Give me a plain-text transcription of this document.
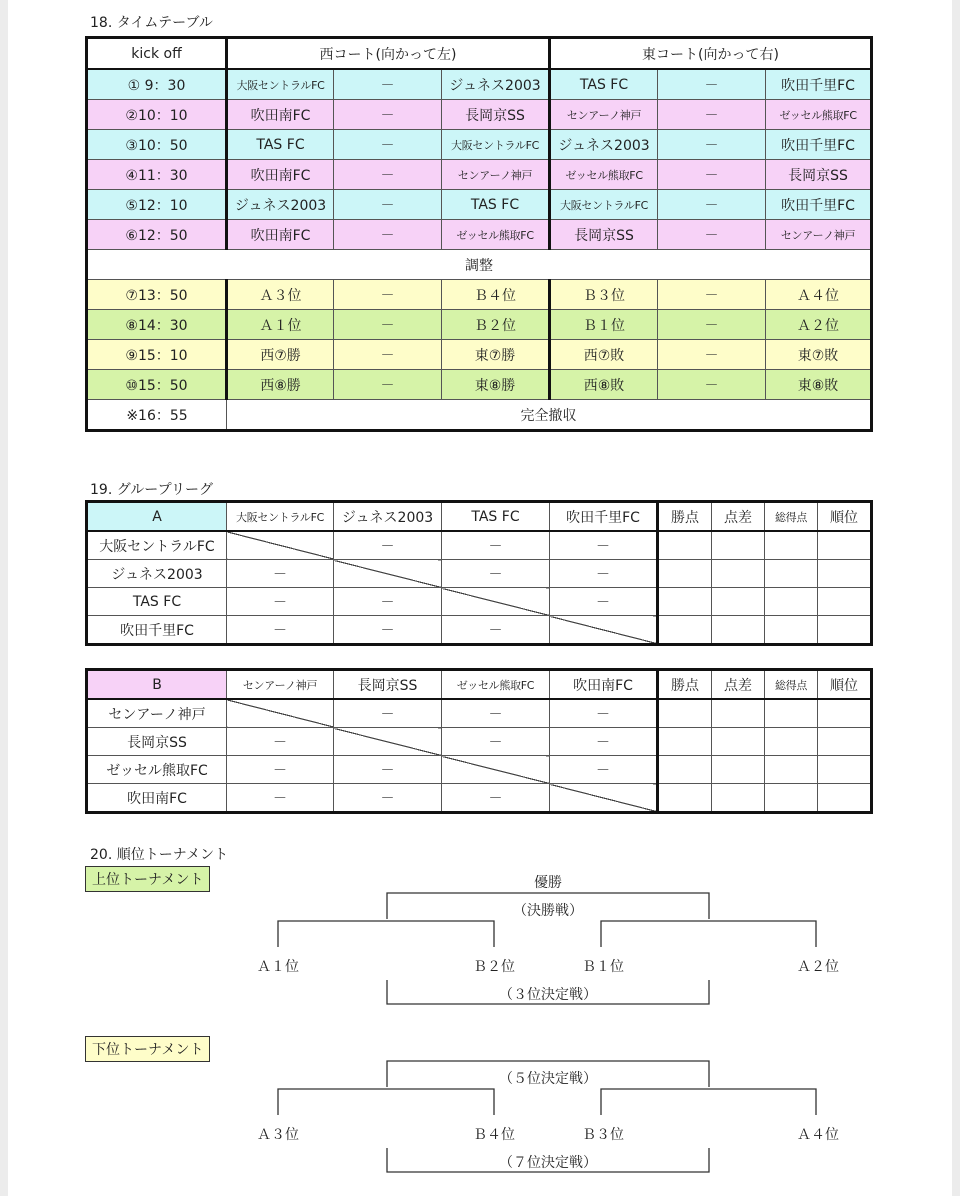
18. タイムテーブル
kick off	西コート(向かって左)			東コート(向かって右)		
① 9：30	大阪セントラルFC	－	ジュネス2003	TAS FC	－	吹田千里FC
②10：10	吹田南FC	－	長岡京SS	センアーノ神戸	－	ゼッセル熊取FC
③10：50	TAS FC	－	大阪セントラルFC	ジュネス2003	－	吹田千里FC
④11：30	吹田南FC	－	センアーノ神戸	ゼッセル熊取FC	－	長岡京SS
⑤12：10	ジュネス2003	－	TAS FC	大阪セントラルFC	－	吹田千里FC
⑥12：50	吹田南FC	－	ゼッセル熊取FC	長岡京SS	－	センアーノ神戸
調整						
⑦13：50	Ａ３位	－	Ｂ４位	Ｂ３位	－	Ａ４位
⑧14：30	Ａ１位	－	Ｂ２位	Ｂ１位	－	Ａ２位
⑨15：10	西⑦勝	－	東⑦勝	西⑦敗	－	東⑦敗
⑩15：50	西⑧勝	－	東⑧勝	西⑧敗	－	東⑧敗
※16：55	完全撤収					
19. グループリーグ
A	大阪セントラルFC	ジュネス2003	TAS FC	吹田千里FC	勝点	点差	総得点	順位
大阪セントラルFC		－	－	－				
ジュネス2003	－		－	－				
TAS FC	－	－		－				
吹田千里FC	－	－	－					
B	センアーノ神戸	長岡京SS	ゼッセル熊取FC	吹田南FC	勝点	点差	総得点	順位
センアーノ神戸		－	－	－				
長岡京SS	－		－	－				
ゼッセル熊取FC	－	－		－				
吹田南FC	－	－	－					
20. 順位トーナメント
上位トーナメント
下位トーナメント
優勝
（決勝戦）
Ａ１位	Ｂ２位	Ｂ１位	Ａ２位
（３位決定戦）
（５位決定戦）
Ａ３位	Ｂ４位	Ｂ３位	Ａ４位
（７位決定戦）
